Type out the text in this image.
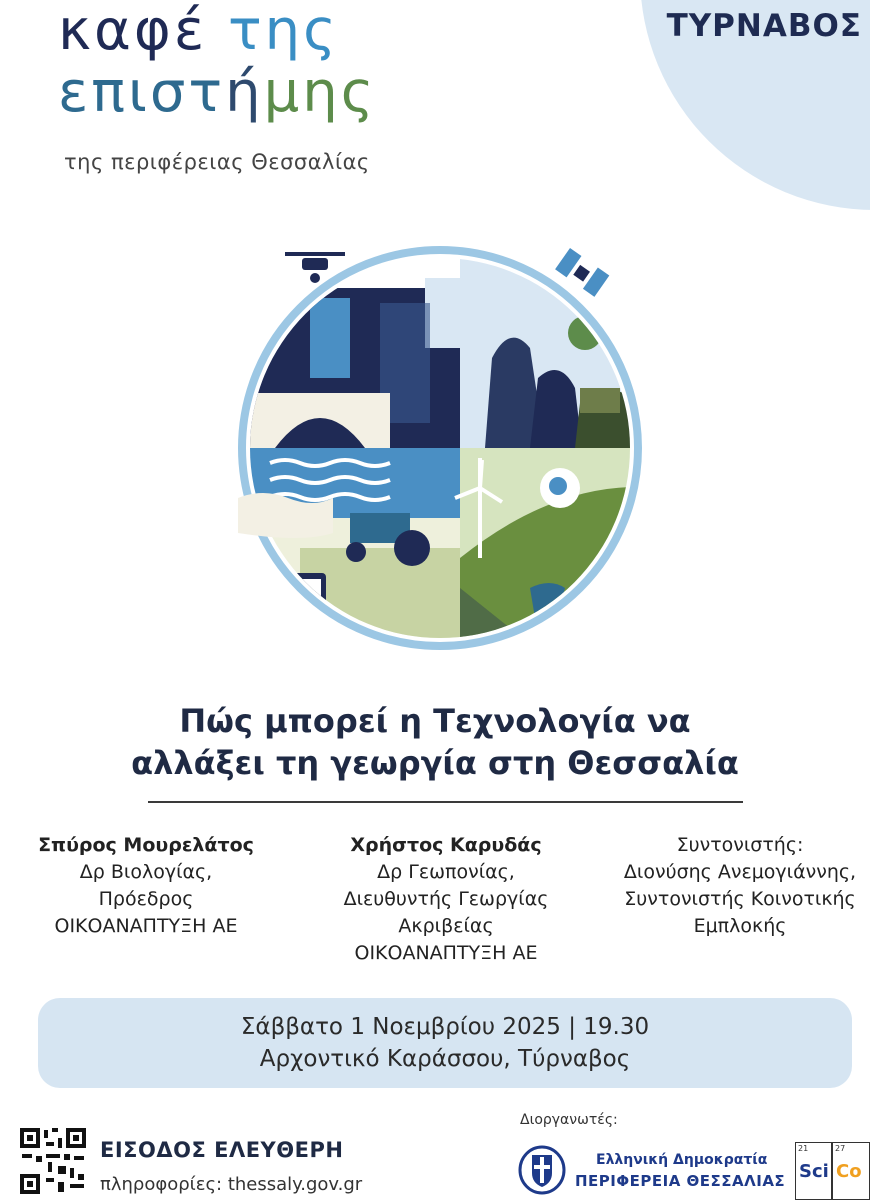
ΤΥΡΝΑΒΟΣ
καφέ της
επιστήμης
της περιφέρειας Θεσσαλίας
Πώς μπορεί η Τεχνολογία να
αλλάξει τη γεωργία στη Θεσσαλία
Σπύρος Μουρελάτος
Δρ Βιολογίας,
Πρόεδρος
ΟΙΚΟΑΝΑΠΤΥΞΗ ΑΕ
Χρήστος Καρυδάς
Δρ Γεωπονίας,
Διευθυντής Γεωργίας
Ακριβείας
ΟΙΚΟΑΝΑΠΤΥΞΗ ΑΕ
Συντονιστής:
Διονύσης Ανεμογιάννης,
Συντονιστής Κοινοτικής
Εμπλοκής
Σάββατο 1 Νοεμβρίου 2025 | 19.30
Αρχοντικό Καράσσου, Τύρναβος
ΕΙΣΟΔΟΣ ΕΛΕΥΘΕΡΗ
πληροφορίες: thessaly.gov.gr
Διοργανωτές:
Ελληνική Δημοκρατία
ΠΕΡΙΦΕΡΕΙΑ ΘΕΣΣΑΛΙΑΣ
21
Sci
27
Co
